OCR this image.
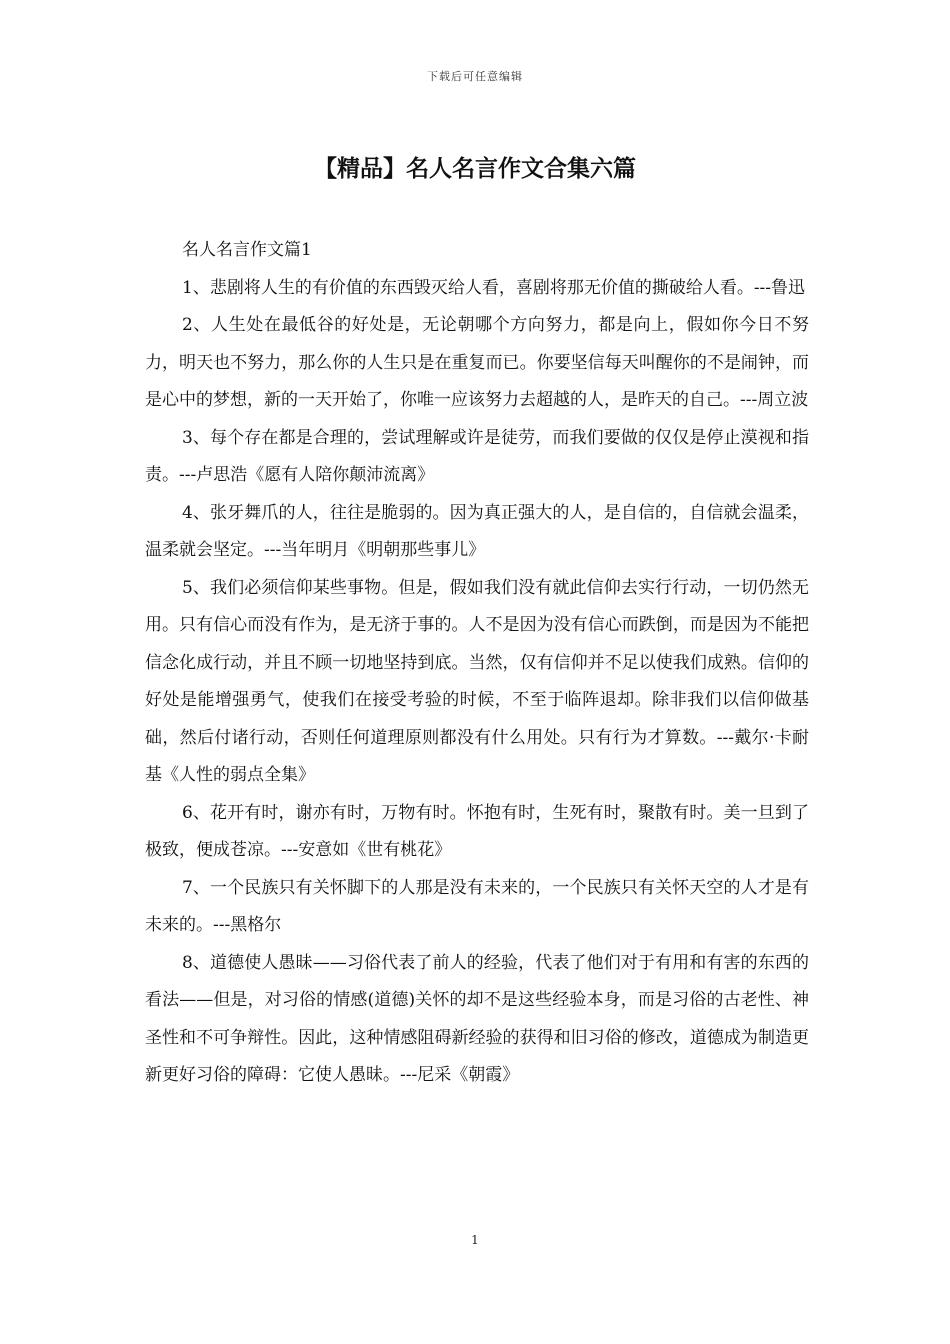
下载后可任意编辑
【精品】名人名言作文合集六篇

名人名言作文篇1

1、悲剧将人生的有价值的东西毁灭给人看，喜剧将那无价值的撕破给人看。---鲁迅

2、人生处在最低谷的好处是，无论朝哪个方向努力，都是向上，假如你今日不努力，明天也不努力，那么你的人生只是在重复而已。你要坚信每天叫醒你的不是闹钟，而是心中的梦想，新的一天开始了，你唯一应该努力去超越的人，是昨天的自己。---周立波

3、每个存在都是合理的，尝试理解或许是徒劳，而我们要做的仅仅是停止漠视和指责。---卢思浩《愿有人陪你颠沛流离》

4、张牙舞爪的人，往往是脆弱的。因为真正强大的人，是自信的，自信就会温柔，温柔就会坚定。---当年明月《明朝那些事儿》

5、我们必须信仰某些事物。但是，假如我们没有就此信仰去实行行动，一切仍然无用。只有信心而没有作为，是无济于事的。人不是因为没有信心而跌倒，而是因为不能把信念化成行动，并且不顾一切地坚持到底。当然，仅有信仰并不足以使我们成熟。信仰的好处是能增强勇气，使我们在接受考验的时候，不至于临阵退却。除非我们以信仰做基础，然后付诸行动，否则任何道理原则都没有什么用处。只有行为才算数。---戴尔·卡耐基《人性的弱点全集》

6、花开有时，谢亦有时，万物有时。怀抱有时，生死有时，聚散有时。美一旦到了极致，便成苍凉。---安意如《世有桃花》

7、一个民族只有关怀脚下的人那是没有未来的，一个民族只有关怀天空的人才是有未来的。---黑格尔

8、道德使人愚昧——习俗代表了前人的经验，代表了他们对于有用和有害的东西的看法——但是，对习俗的情感(道德)关怀的却不是这些经验本身，而是习俗的古老性、神圣性和不可争辩性。因此，这种情感阻碍新经验的获得和旧习俗的修改，道德成为制造更新更好习俗的障碍：它使人愚昧。---尼采《朝霞》

1
